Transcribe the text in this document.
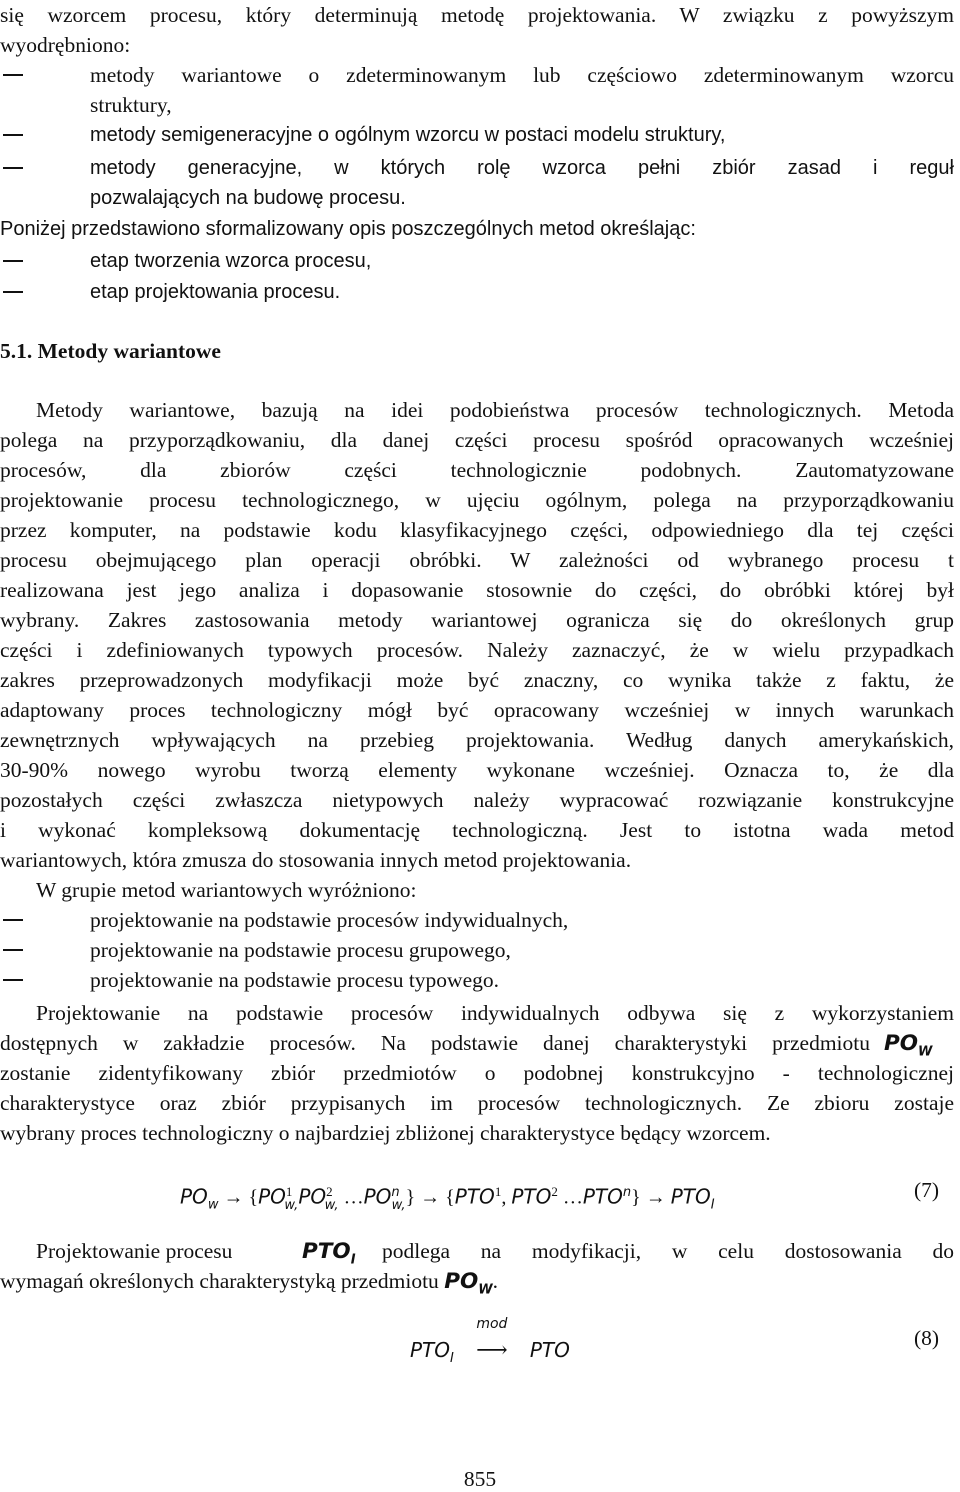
się wzorcem procesu, który determinują metodę projektowania. W związku z powyższym
wyodrębniono:
metody wariantowe o zdeterminowanym lub częściowo zdeterminowanym wzorcu
struktury,
metody semigeneracyjne o ogólnym wzorcu w postaci modelu struktury,
metody generacyjne, w których rolę wzorca pełni zbiór zasad i reguł
pozwalających na budowę procesu.
Poniżej przedstawiono sformalizowany opis poszczególnych metod określając:
etap tworzenia wzorca procesu,
etap projektowania procesu.
5.1. Metody wariantowe
Metody wariantowe, bazują na idei podobieństwa procesów technologicznych. Metoda
polega na przyporządkowaniu, dla danej części procesu spośród opracowanych wcześniej
procesów, dla zbiorów części technologicznie podobnych. Zautomatyzowane
projektowanie procesu technologicznego, w ujęciu ogólnym, polega na przyporządkowaniu
przez komputer, na podstawie kodu klasyfikacyjnego części, odpowiedniego dla tej części
procesu obejmującego plan operacji obróbki. W zależności od wybranego procesu t
realizowana jest jego analiza i dopasowanie stosownie do części, do obróbki której był
wybrany. Zakres zastosowania metody wariantowej ogranicza się do określonych grup
części i zdefiniowanych typowych procesów. Należy zaznaczyć, że w wielu przypadkach
zakres przeprowadzonych modyfikacji może być znaczny, co wynika także z faktu, że
adaptowany proces technologiczny mógł być opracowany wcześniej w innych warunkach
zewnętrznych wpływających na przebieg projektowania. Według danych amerykańskich,
30-90% nowego wyrobu tworzą elementy wykonane wcześniej. Oznacza to, że dla
pozostałych części zwłaszcza nietypowych należy wypracować rozwiązanie konstrukcyjne
i wykonać kompleksową dokumentację technologiczną. Jest to istotna wada metod
wariantowych, która zmusza do stosowania innych metod projektowania.
W grupie metod wariantowych wyróżniono:
projektowanie na podstawie procesów indywidualnych,
projektowanie na podstawie procesu grupowego,
projektowanie na podstawie procesu typowego.
Projektowanie na podstawie procesów indywidualnych odbywa się z wykorzystaniem
dostępnych w zakładzie procesów. Na podstawie danej charakterystyki przedmiotu $PO_W$
zostanie zidentyfikowany zbiór przedmiotów o podobnej konstrukcyjno - technologicznej
charakterystyce oraz zbiór przypisanych im procesów technologicznych. Ze zbioru zostaje
wybrany proces technologiczny o najbardziej zbliżonej charakterystyce będący wzorcem.
$PO_w \to \{PO^1_{w,}PO^2_{w,}$ $\dots PO^n_{w,}\} \to \{PTO^1$, PTO$^2$ $\dots PTO^n\} \to PTO_I$
(7)
Projektowanie procesu	$PTO_I$	podlega na modyfikacji, w celu dostosowania do
wymagań określonych charakterystyką przedmiotu $PO_W$.
$PTO_I$
mod
⟶ PTO	(8)
855
